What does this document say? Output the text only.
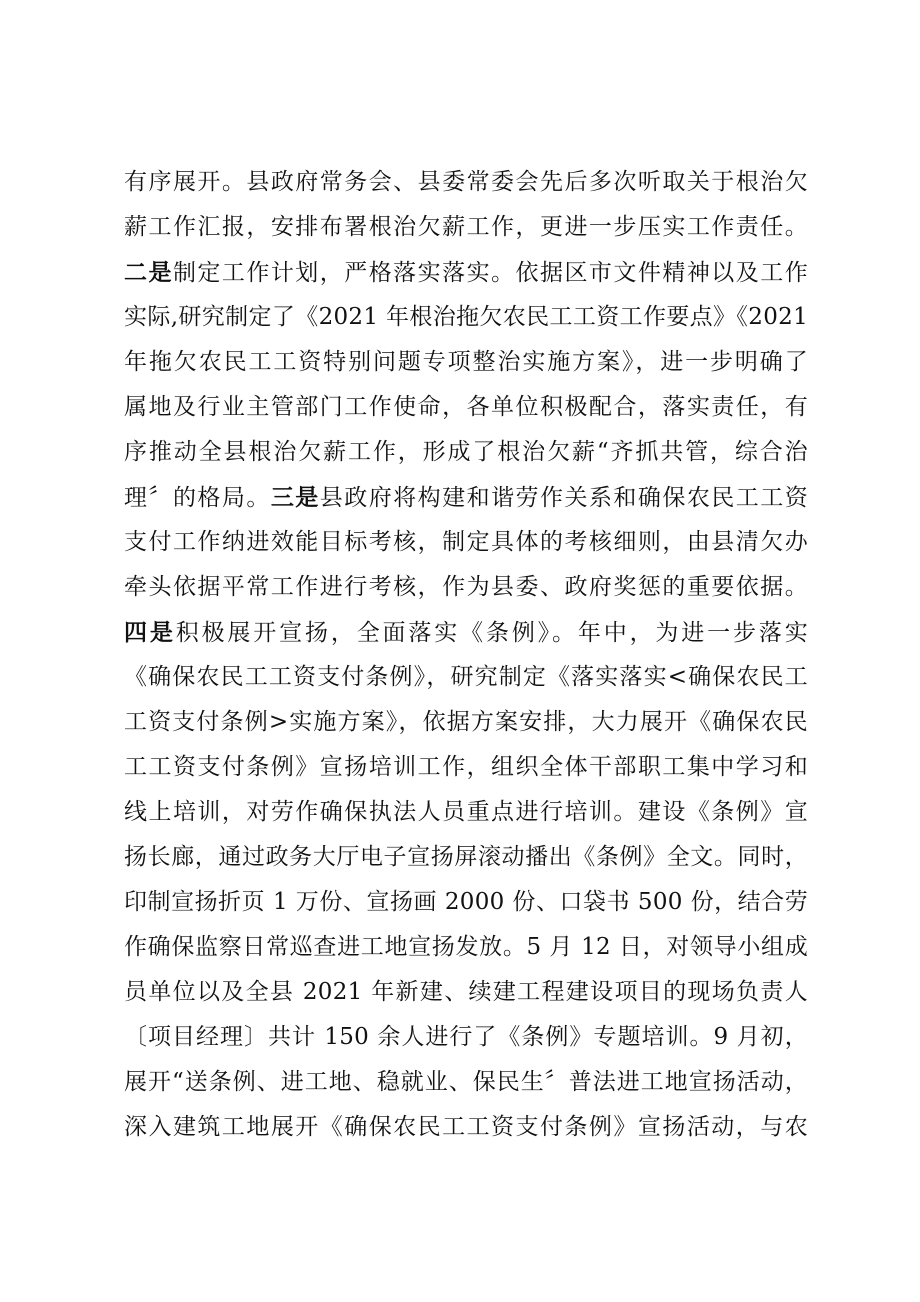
有序展开。县政府常务会、县委常委会先后多次听取关于根治欠
薪工作汇报，安排布署根治欠薪工作，更进一步压实工作责任。
二是制定工作计划，严格落实落实。依据区市文件精神以及工作
实际,研究制定了《2021 年根治拖欠农民工工资工作要点》《2021
年拖欠农民工工资特别问题专项整治实施方案》，进一步明确了
属地及行业主管部门工作使命，各单位积极配合，落实责任，有
序推动全县根治欠薪工作，形成了根治欠薪“齐抓共管，综合治
理〞的格局。三是县政府将构建和谐劳作关系和确保农民工工资
支付工作纳进效能目标考核，制定具体的考核细则，由县清欠办
牵头依据平常工作进行考核，作为县委、政府奖惩的重要依据。
四是积极展开宣扬，全面落实《条例》。年中，为进一步落实
《确保农民工工资支付条例》，研究制定《落实落实<确保农民工
工资支付条例>实施方案》，依据方案安排，大力展开《确保农民
工工资支付条例》宣扬培训工作，组织全体干部职工集中学习和
线上培训，对劳作确保执法人员重点进行培训。建设《条例》宣
扬长廊，通过政务大厅电子宣扬屏滚动播出《条例》全文。同时，
印制宣扬折页 1 万份、宣扬画 2000 份、口袋书 500 份，结合劳
作确保监察日常巡查进工地宣扬发放。5 月 12 日，对领导小组成
员单位以及全县 2021 年新建、续建工程建设项目的现场负责人
〔项目经理〕共计 150 余人进行了《条例》专题培训。9 月初，
展开“送条例、进工地、稳就业、保民生〞普法进工地宣扬活动，
深入建筑工地展开《确保农民工工资支付条例》宣扬活动，与农
